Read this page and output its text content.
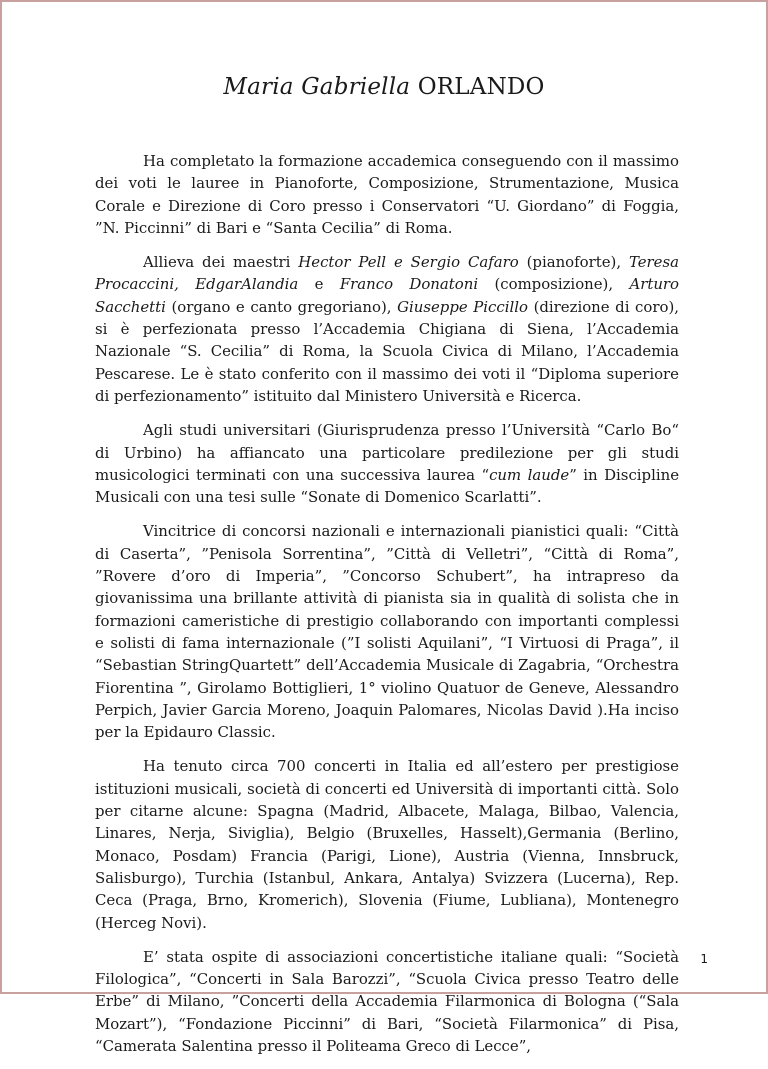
Maria Gabriella ORLANDO

Ha completato la formazione accademica conseguendo con il massimo dei voti le lauree in Pianoforte, Composizione, Strumentazione, Musica Corale e Direzione di Coro presso i Conservatori “U. Giordano” di Foggia, ”N. Piccinni” di Bari e “Santa Cecilia” di Roma.

Allieva dei maestri Hector Pell e Sergio Cafaro (pianoforte), Teresa Procaccini, EdgarAlandia e Franco Donatoni (composizione), Arturo Sacchetti (organo e canto gregoriano), Giuseppe Piccillo (direzione di coro), si è perfezionata presso l’Accademia Chigiana di Siena, l’Accademia Nazionale “S. Cecilia” di Roma, la Scuola Civica di Milano, l’Accademia Pescarese. Le è stato conferito con il massimo dei voti il “Diploma superiore di perfezionamento” istituito dal Ministero Università e Ricerca.

Agli studi universitari (Giurisprudenza presso l’Università “Carlo Bo“ di Urbino) ha affiancato una particolare predilezione per gli studi musicologici terminati con una successiva laurea “cum laude” in Discipline Musicali con una tesi sulle “Sonate di Domenico Scarlatti”.

Vincitrice di concorsi nazionali e internazionali pianistici quali: “Città di Caserta”, ”Penisola Sorrentina”, ”Città di Velletri”, “Città di Roma”, ”Rovere d’oro di Imperia”, ”Concorso Schubert”, ha intrapreso da giovanissima una brillante attività di pianista sia in qualità di solista che in formazioni cameristiche di prestigio collaborando con importanti complessi e solisti di fama internazionale (”I solisti Aquilani”, “I Virtuosi di Praga”, il “Sebastian StringQuartett” dell’Accademia Musicale di Zagabria, “Orchestra Fiorentina ”, Girolamo Bottiglieri, 1° violino Quatuor de Geneve, Alessandro Perpich, Javier Garcia Moreno, Joaquin Palomares, Nicolas David ).Ha inciso per la Epidauro Classic.

Ha tenuto circa 700 concerti in Italia ed all’estero per prestigiose istituzioni musicali, società di concerti ed Università di importanti città. Solo per citarne alcune: Spagna (Madrid, Albacete, Malaga, Bilbao, Valencia, Linares, Nerja, Siviglia), Belgio (Bruxelles, Hasselt),Germania (Berlino, Monaco, Posdam) Francia (Parigi, Lione), Austria (Vienna, Innsbruck, Salisburgo), Turchia (Istanbul, Ankara, Antalya) Svizzera (Lucerna), Rep. Ceca (Praga, Brno, Kromerich), Slovenia (Fiume, Lubliana), Montenegro (Herceg Novi).

E’ stata ospite di associazioni concertistiche italiane quali: “Società Filologica”, “Concerti in Sala Barozzi”, “Scuola Civica presso Teatro delle Erbe” di Milano, ”Concerti della Accademia Filarmonica di Bologna (“Sala Mozart”), “Fondazione Piccinni” di Bari, “Società Filarmonica” di Pisa, “Camerata Salentina presso il Politeama Greco di Lecce”,

1
